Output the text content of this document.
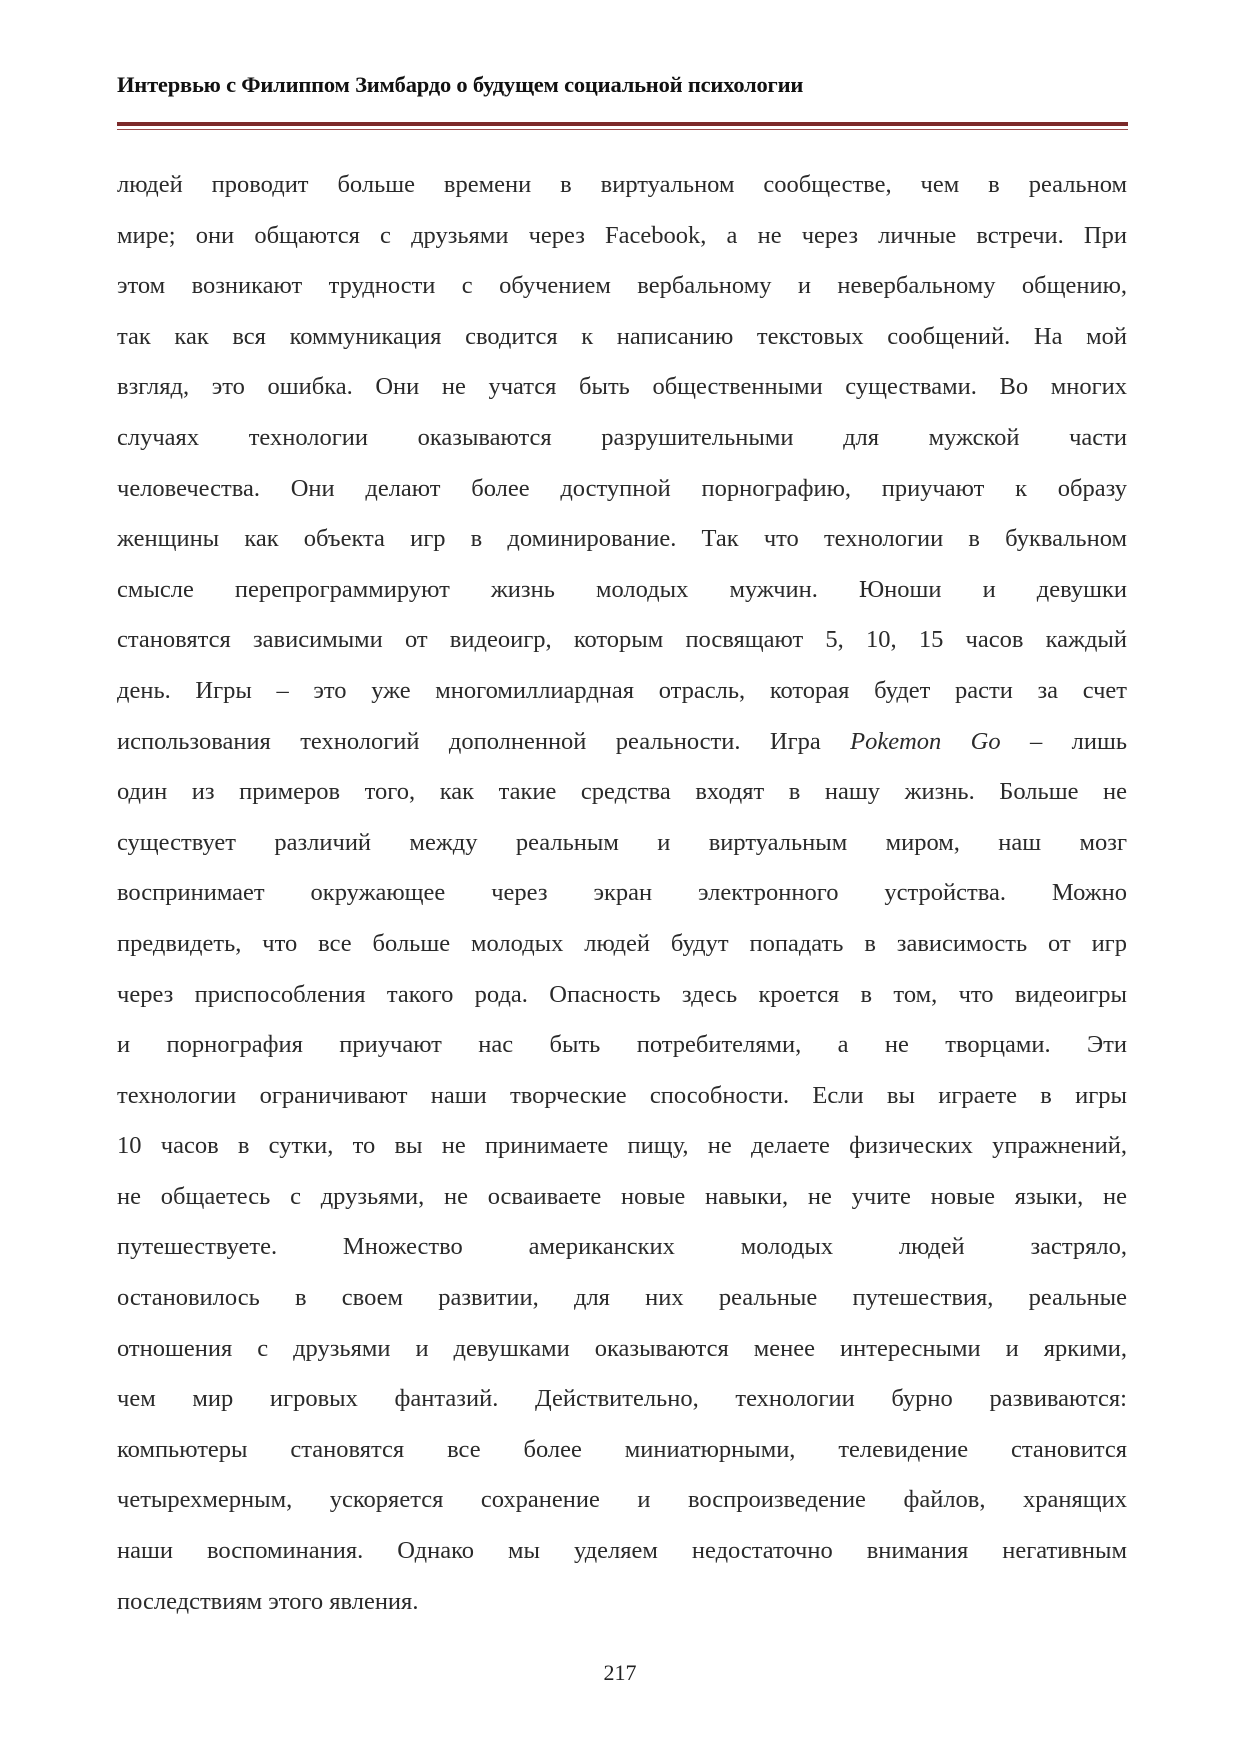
Интервью с Филиппом Зимбардо о будущем социальной психологии
людей проводит больше времени в виртуальном сообществе, чем в реальном
мире; они общаются с друзьями через Facebook, а не через личные встречи. При
этом возникают трудности с обучением вербальному и невербальному общению,
так как вся коммуникация сводится к написанию текстовых сообщений. На мой
взгляд, это ошибка. Они не учатся быть общественными существами. Во многих
случаях технологии оказываются разрушительными для мужской части
человечества. Они делают более доступной порнографию, приучают к образу
женщины как объекта игр в доминирование. Так что технологии в буквальном
смысле перепрограммируют жизнь молодых мужчин. Юноши и девушки
становятся зависимыми от видеоигр, которым посвящают 5, 10, 15 часов каждый
день. Игры – это уже многомиллиардная отрасль, которая будет расти за счет
использования технологий дополненной реальности. Игра Pokemon Go – лишь
один из примеров того, как такие средства входят в нашу жизнь. Больше не
существует различий между реальным и виртуальным миром, наш мозг
воспринимает окружающее через экран электронного устройства. Можно
предвидеть, что все больше молодых людей будут попадать в зависимость от игр
через приспособления такого рода. Опасность здесь кроется в том, что видеоигры
и порнография приучают нас быть потребителями, а не творцами. Эти
технологии ограничивают наши творческие способности. Если вы играете в игры
10 часов в сутки, то вы не принимаете пищу, не делаете физических упражнений,
не общаетесь с друзьями, не осваиваете новые навыки, не учите новые языки, не
путешествуете. Множество американских молодых людей застряло,
остановилось в своем развитии, для них реальные путешествия, реальные
отношения с друзьями и девушками оказываются менее интересными и яркими,
чем мир игровых фантазий. Действительно, технологии бурно развиваются:
компьютеры становятся все более миниатюрными, телевидение становится
четырехмерным, ускоряется сохранение и воспроизведение файлов, хранящих
наши воспоминания. Однако мы уделяем недостаточно внимания негативным
последствиям этого явления.
217
